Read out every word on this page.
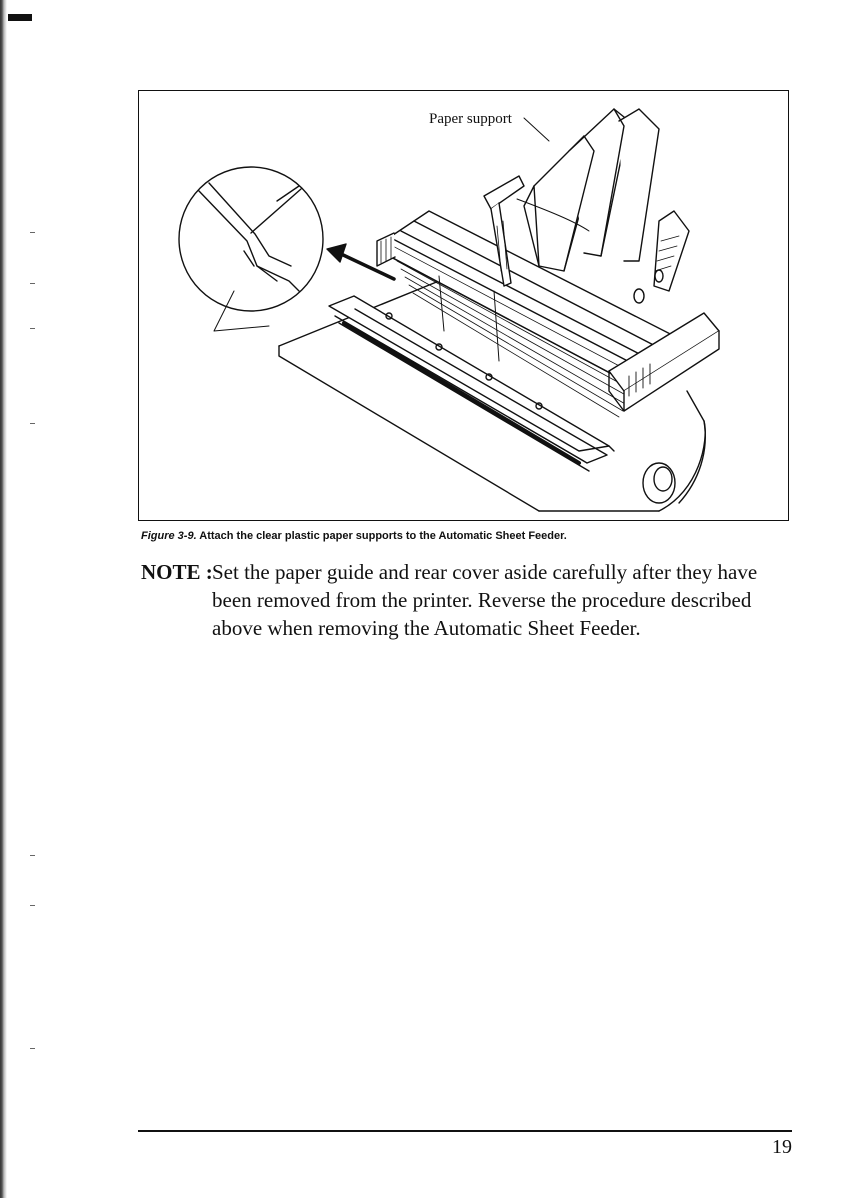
Paper support
Figure 3-9. Attach the clear plastic paper supports to the Automatic Sheet Feeder.
NOTE : Set the paper guide and rear cover aside carefully after they have
been removed from the printer. Reverse the procedure described
above when removing the Automatic Sheet Feeder.
19
